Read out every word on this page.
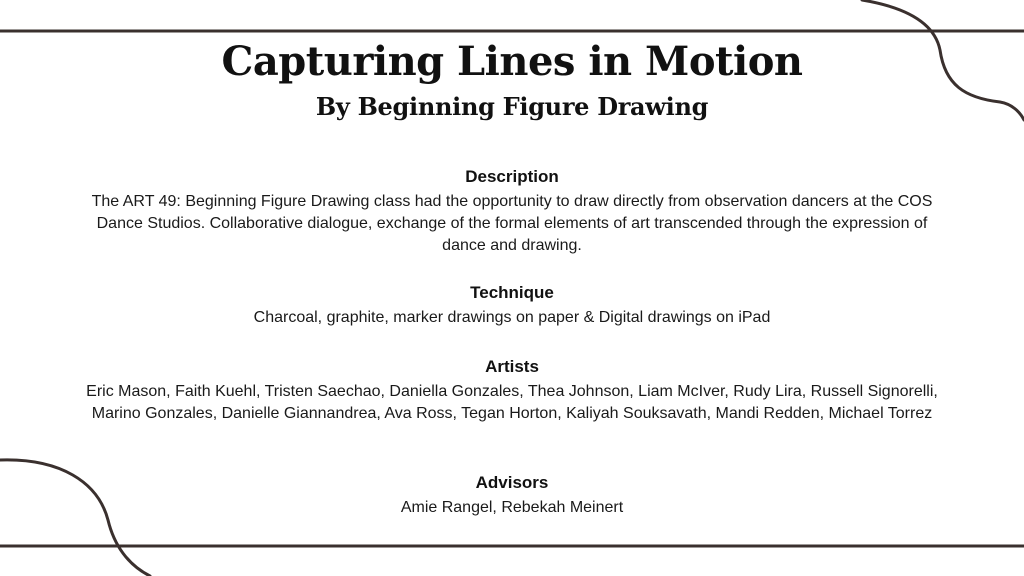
Capturing Lines in Motion
By Beginning Figure Drawing
Description
The ART 49: Beginning Figure Drawing class had the opportunity to draw directly from observation dancers at the COS Dance Studios. Collaborative dialogue, exchange of the formal elements of art transcended through the expression of dance and drawing.
Technique
Charcoal, graphite, marker drawings on paper & Digital drawings on iPad
Artists
Eric Mason, Faith Kuehl, Tristen Saechao, Daniella Gonzales, Thea Johnson, Liam McIver, Rudy Lira, Russell Signorelli, Marino Gonzales, Danielle Giannandrea, Ava Ross, Tegan Horton, Kaliyah Souksavath, Mandi Redden, Michael Torrez
Advisors
Amie Rangel, Rebekah Meinert
